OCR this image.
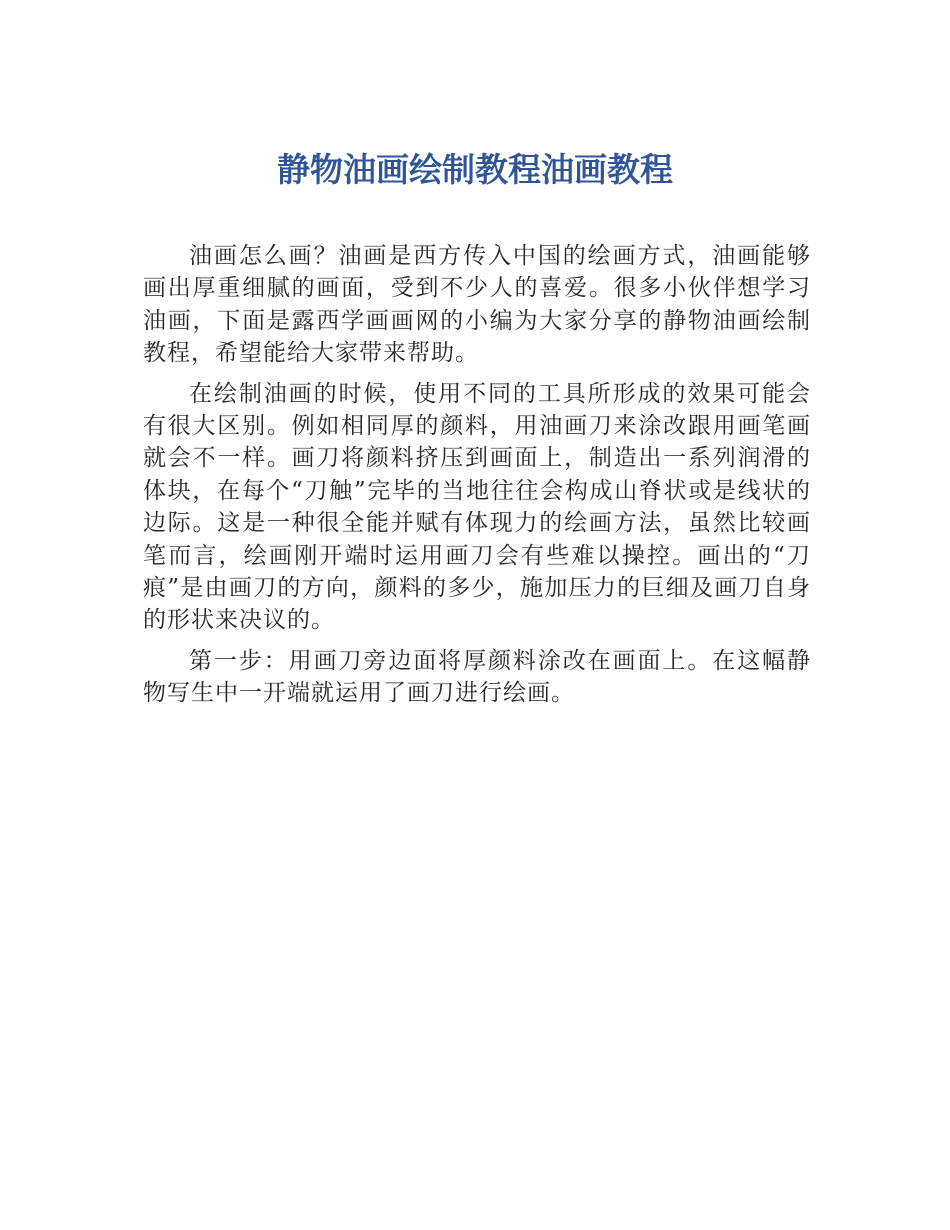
静物油画绘制教程油画教程

油画怎么画？油画是西方传入中国的绘画方式，油画能够画出厚重细腻的画面，受到不少人的喜爱。很多小伙伴想学习油画，下面是露西学画画网的小编为大家分享的静物油画绘制教程，希望能给大家带来帮助。

在绘制油画的时候，使用不同的工具所形成的效果可能会有很大区别。例如相同厚的颜料，用油画刀来涂改跟用画笔画就会不一样。画刀将颜料挤压到画面上，制造出一系列润滑的体块，在每个“刀触”完毕的当地往往会构成山脊状或是线状的边际。这是一种很全能并赋有体现力的绘画方法，虽然比较画笔而言，绘画刚开端时运用画刀会有些难以操控。画出的“刀痕”是由画刀的方向，颜料的多少，施加压力的巨细及画刀自身的形状来决议的。

第一步：用画刀旁边面将厚颜料涂改在画面上。在这幅静物写生中一开端就运用了画刀进行绘画。
